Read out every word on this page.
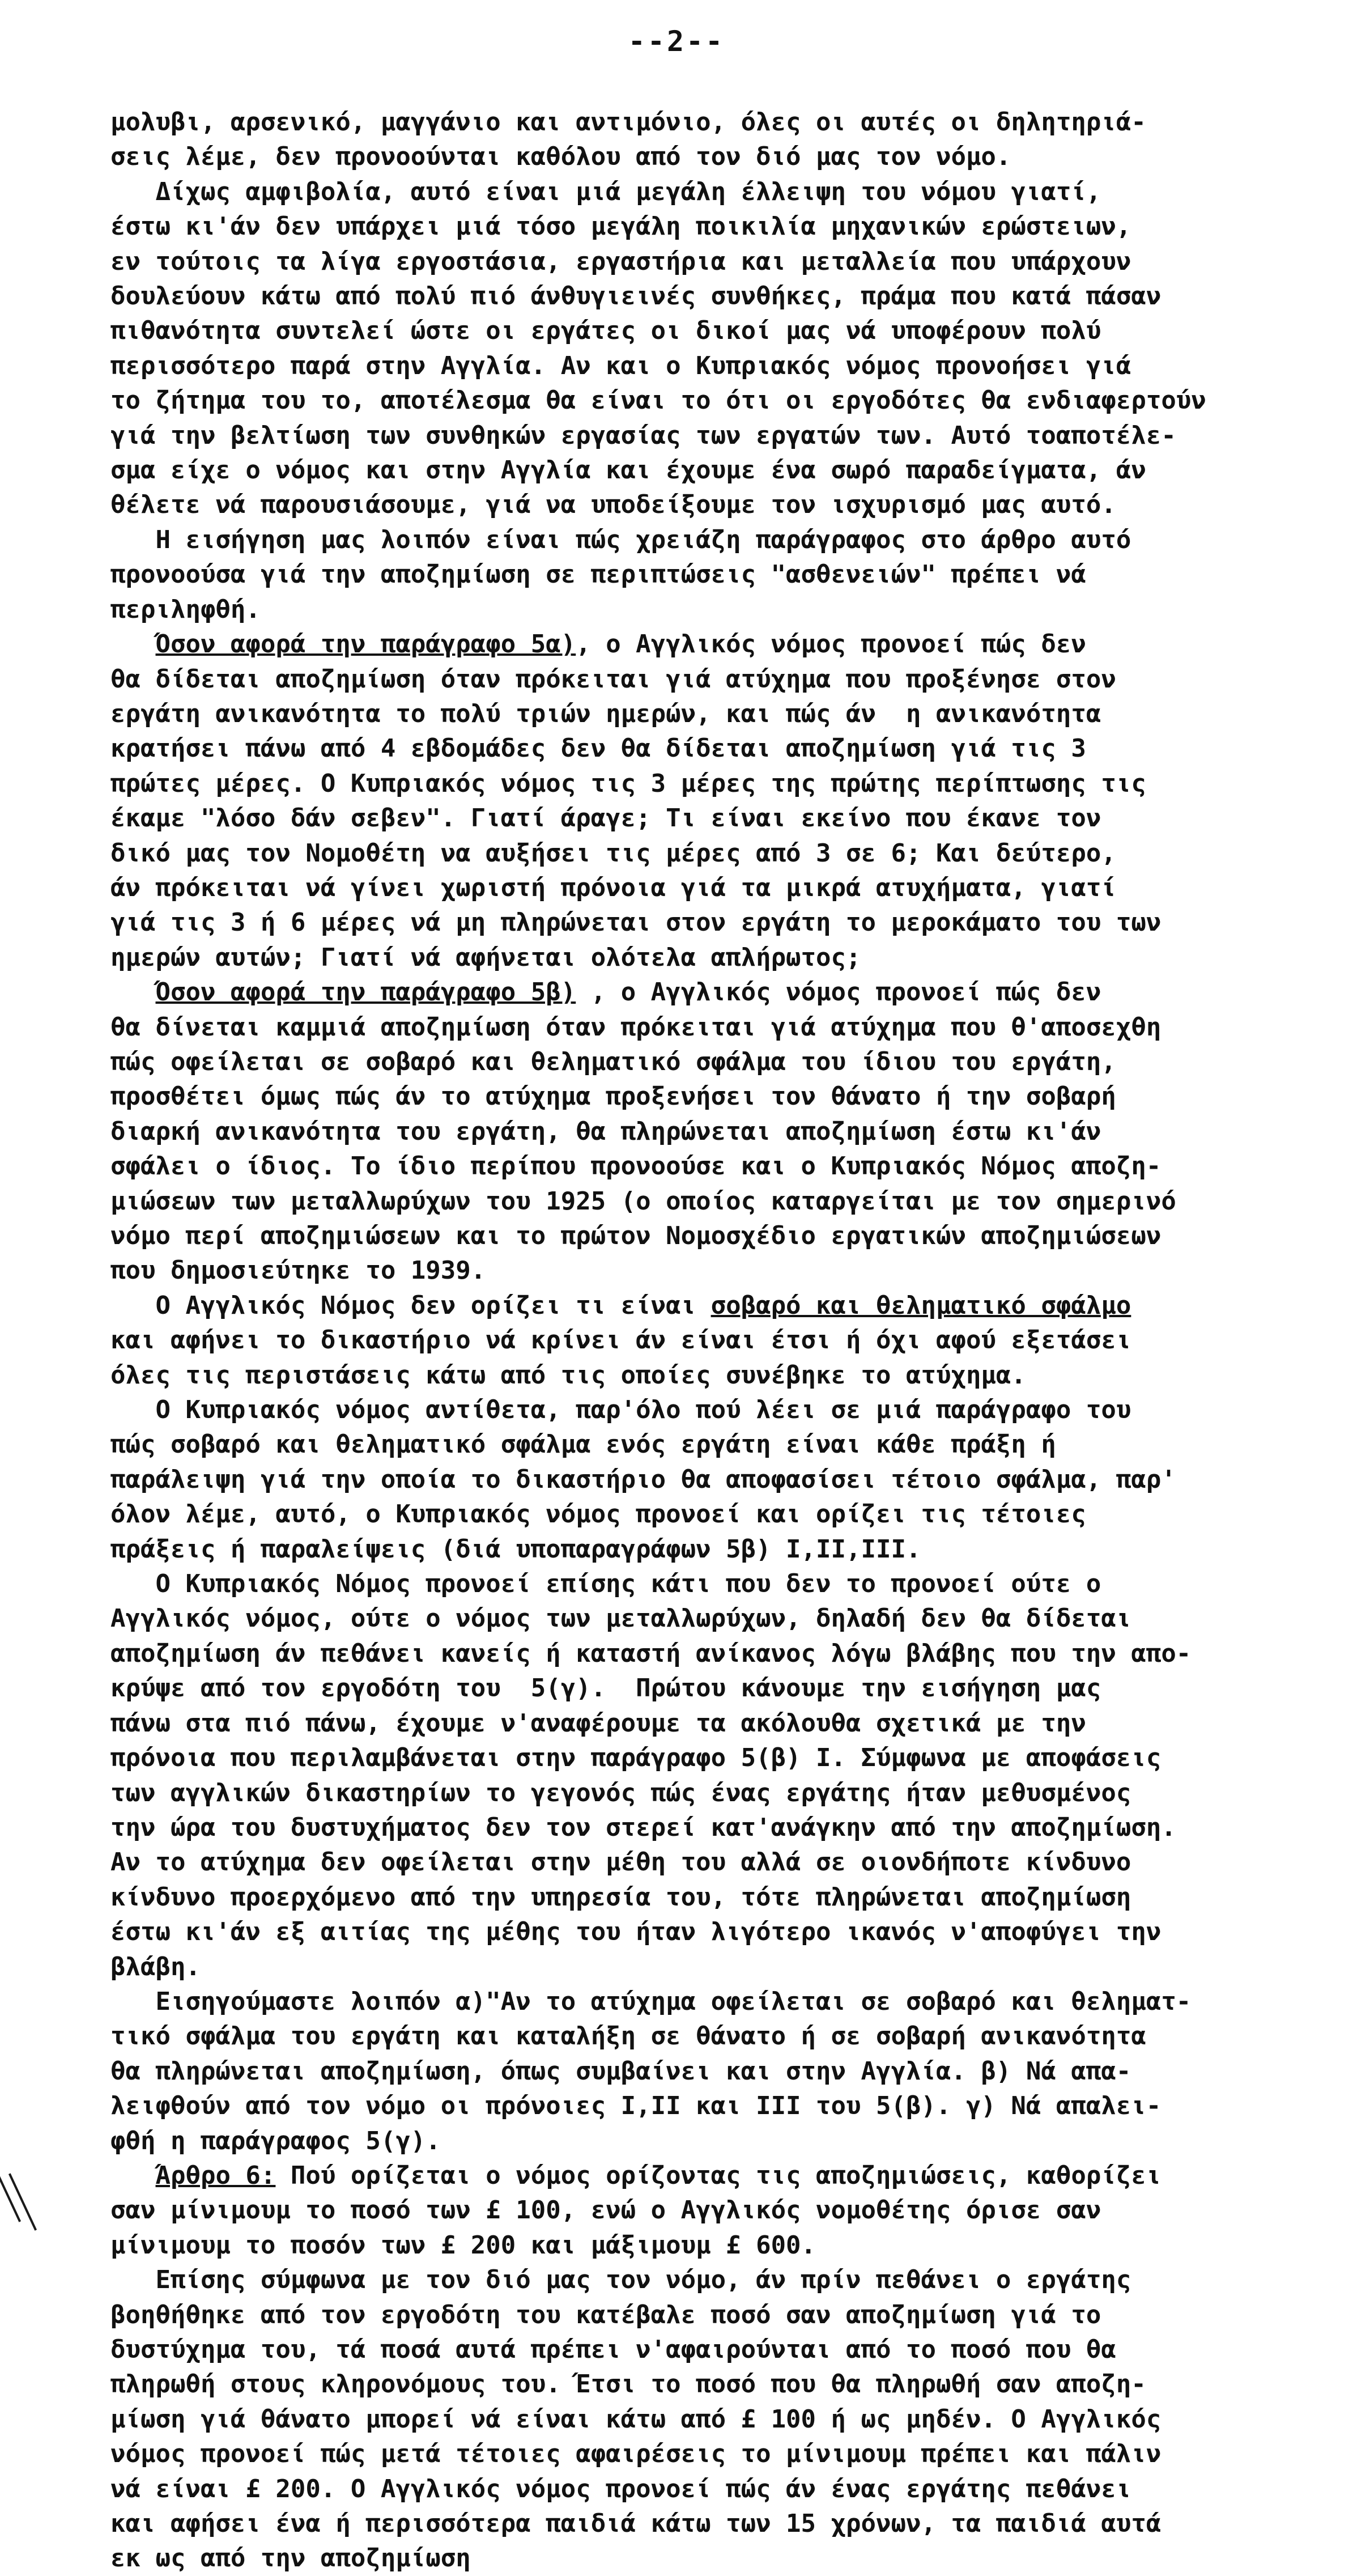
--2--
μολυβι, αρσενικό, μαγγάνιο και αντιμόνιο, όλες οι αυτές οι δηλητηριά-
σεις λέμε, δεν προνοούνται καθόλου από τον διό μας τον νόμο.
Δίχως αμφιβολία, αυτό είναι μιά μεγάλη έλλειψη του νόμου γιατί,
έστω κι'άν δεν υπάρχει μιά τόσο μεγάλη ποικιλία μηχανικών ερώστειων,
εν τούτοις τα λίγα εργοστάσια, εργαστήρια και μεταλλεία που υπάρχουν
δουλεύουν κάτω από πολύ πιό άνθυγιεινές συνθήκες, πράμα που κατά πάσαν
πιθανότητα συντελεί ώστε οι εργάτες οι δικοί μας νά υποφέρουν πολύ
περισσότερο παρά στην Αγγλία. Αν και ο Κυπριακός νόμος προνοήσει γιά
το ζήτημα του το, αποτέλεσμα θα είναι το ότι οι εργοδότες θα ενδιαφερτούν
γιά την βελτίωση των συνθηκών εργασίας των εργατών των. Αυτό τοαποτέλε-
σμα είχε ο νόμος και στην Αγγλία και έχουμε ένα σωρό παραδείγματα, άν
θέλετε νά παρουσιάσουμε, γιά να υποδείξουμε τον ισχυρισμό μας αυτό.
Η εισήγηση μας λοιπόν είναι πώς χρειάζη παράγραφος στο άρθρο αυτό
προνοούσα γιά την αποζημίωση σε περιπτώσεις "ασθενειών" πρέπει νά
περιληφθή.
Όσον αφορά την παράγραφο 5α), ο Αγγλικός νόμος προνοεί πώς δεν
θα δίδεται αποζημίωση όταν πρόκειται γιά ατύχημα που προξένησε στον
εργάτη ανικανότητα το πολύ τριών ημερών, και πώς άν  η ανικανότητα
κρατήσει πάνω από 4 εβδομάδες δεν θα δίδεται αποζημίωση γιά τις 3
πρώτες μέρες. Ο Κυπριακός νόμος τις 3 μέρες της πρώτης περίπτωσης τις
έκαμε "λόσο δάν σεβεν". Γιατί άραγε; Τι είναι εκείνο που έκανε τον
δικό μας τον Νομοθέτη να αυξήσει τις μέρες από 3 σε 6; Και δεύτερο,
άν πρόκειται νά γίνει χωριστή πρόνοια γιά τα μικρά ατυχήματα, γιατί
γιά τις 3 ή 6 μέρες νά μη πληρώνεται στον εργάτη το μεροκάματο του των
ημερών αυτών; Γιατί νά αφήνεται ολότελα απλήρωτος;
Όσον αφορά την παράγραφο 5β) , ο Αγγλικός νόμος προνοεί πώς δεν
θα δίνεται καμμιά αποζημίωση όταν πρόκειται γιά ατύχημα που θ'αποσεχθη
πώς οφείλεται σε σοβαρό και θεληματικό σφάλμα του ίδιου του εργάτη,
προσθέτει όμως πώς άν το ατύχημα προξενήσει τον θάνατο ή την σοβαρή
διαρκή ανικανότητα του εργάτη, θα πληρώνεται αποζημίωση έστω κι'άν
σφάλει ο ίδιος. Το ίδιο περίπου προνοούσε και ο Κυπριακός Νόμος αποζη-
μιώσεων των μεταλλωρύχων του 1925 (ο οποίος καταργείται με τον σημερινό
νόμο περί αποζημιώσεων και το πρώτον Νομοσχέδιο εργατικών αποζημιώσεων
που δημοσιεύτηκε το 1939.
Ο Αγγλικός Νόμος δεν ορίζει τι είναι σοβαρό και θεληματικό σφάλμο
και αφήνει το δικαστήριο νά κρίνει άν είναι έτσι ή όχι αφού εξετάσει
όλες τις περιστάσεις κάτω από τις οποίες συνέβηκε το ατύχημα.
Ο Κυπριακός νόμος αντίθετα, παρ'όλο πού λέει σε μιά παράγραφο του
πώς σοβαρό και θεληματικό σφάλμα ενός εργάτη είναι κάθε πράξη ή
παράλειψη γιά την οποία το δικαστήριο θα αποφασίσει τέτοιο σφάλμα, παρ'
όλον λέμε, αυτό, ο Κυπριακός νόμος προνοεί και ορίζει τις τέτοιες
πράξεις ή παραλείψεις (διά υποπαραγράφων 5β) I,II,III.
Ο Κυπριακός Νόμος προνοεί επίσης κάτι που δεν το προνοεί ούτε ο
Αγγλικός νόμος, ούτε ο νόμος των μεταλλωρύχων, δηλαδή δεν θα δίδεται
αποζημίωση άν πεθάνει κανείς ή καταστή ανίκανος λόγω βλάβης που την απο-
κρύψε από τον εργοδότη του  5(γ).  Πρώτου κάνουμε την εισήγηση μας
πάνω στα πιό πάνω, έχουμε ν'αναφέρουμε τα ακόλουθα σχετικά με την
πρόνοια που περιλαμβάνεται στην παράγραφο 5(β) Ι. Σύμφωνα με αποφάσεις
των αγγλικών δικαστηρίων το γεγονός πώς ένας εργάτης ήταν μεθυσμένος
την ώρα του δυστυχήματος δεν τον στερεί κατ'ανάγκην από την αποζημίωση.
Αν το ατύχημα δεν οφείλεται στην μέθη του αλλά σε οιονδήποτε κίνδυνο
κίνδυνο προερχόμενο από την υπηρεσία του, τότε πληρώνεται αποζημίωση
έστω κι'άν εξ αιτίας της μέθης του ήταν λιγότερο ικανός ν'αποφύγει την
βλάβη.
Εισηγούμαστε λοιπόν α)"Αν το ατύχημα οφείλεται σε σοβαρό και θεληματ-
τικό σφάλμα του εργάτη και καταλήξη σε θάνατο ή σε σοβαρή ανικανότητα
θα πληρώνεται αποζημίωση, όπως συμβαίνει και στην Αγγλία. β) Νά απα-
λειφθούν από τον νόμο οι πρόνοιες I,II και III του 5(β). γ) Νά απαλει-
φθή η παράγραφος 5(γ).
Άρθρο 6: Πού ορίζεται ο νόμος ορίζοντας τις αποζημιώσεις, καθορίζει
σαν μίνιμουμ το ποσό των £ 100, ενώ ο Αγγλικός νομοθέτης όρισε σαν
μίνιμουμ το ποσόν των £ 200 και μάξιμουμ £ 600.
Επίσης σύμφωνα με τον διό μας τον νόμο, άν πρίν πεθάνει ο εργάτης
βοηθήθηκε από τον εργοδότη του κατέβαλε ποσό σαν αποζημίωση γιά το
δυστύχημα του, τά ποσά αυτά πρέπει ν'αφαιρούνται από το ποσό που θα
πληρωθή στους κληρονόμους του. Έτσι το ποσό που θα πληρωθή σαν αποζη-
μίωση γιά θάνατο μπορεί νά είναι κάτω από £ 100 ή ως μηδέν. Ο Αγγλικός
νόμος προνοεί πώς μετά τέτοιες αφαιρέσεις το μίνιμουμ πρέπει και πάλιν
νά είναι £ 200. Ο Αγγλικός νόμος προνοεί πώς άν ένας εργάτης πεθάνει
και αφήσει ένα ή περισσότερα παιδιά κάτω των 15 χρόνων, τα παιδιά αυτά
εκ ως από την αποζημίωση
